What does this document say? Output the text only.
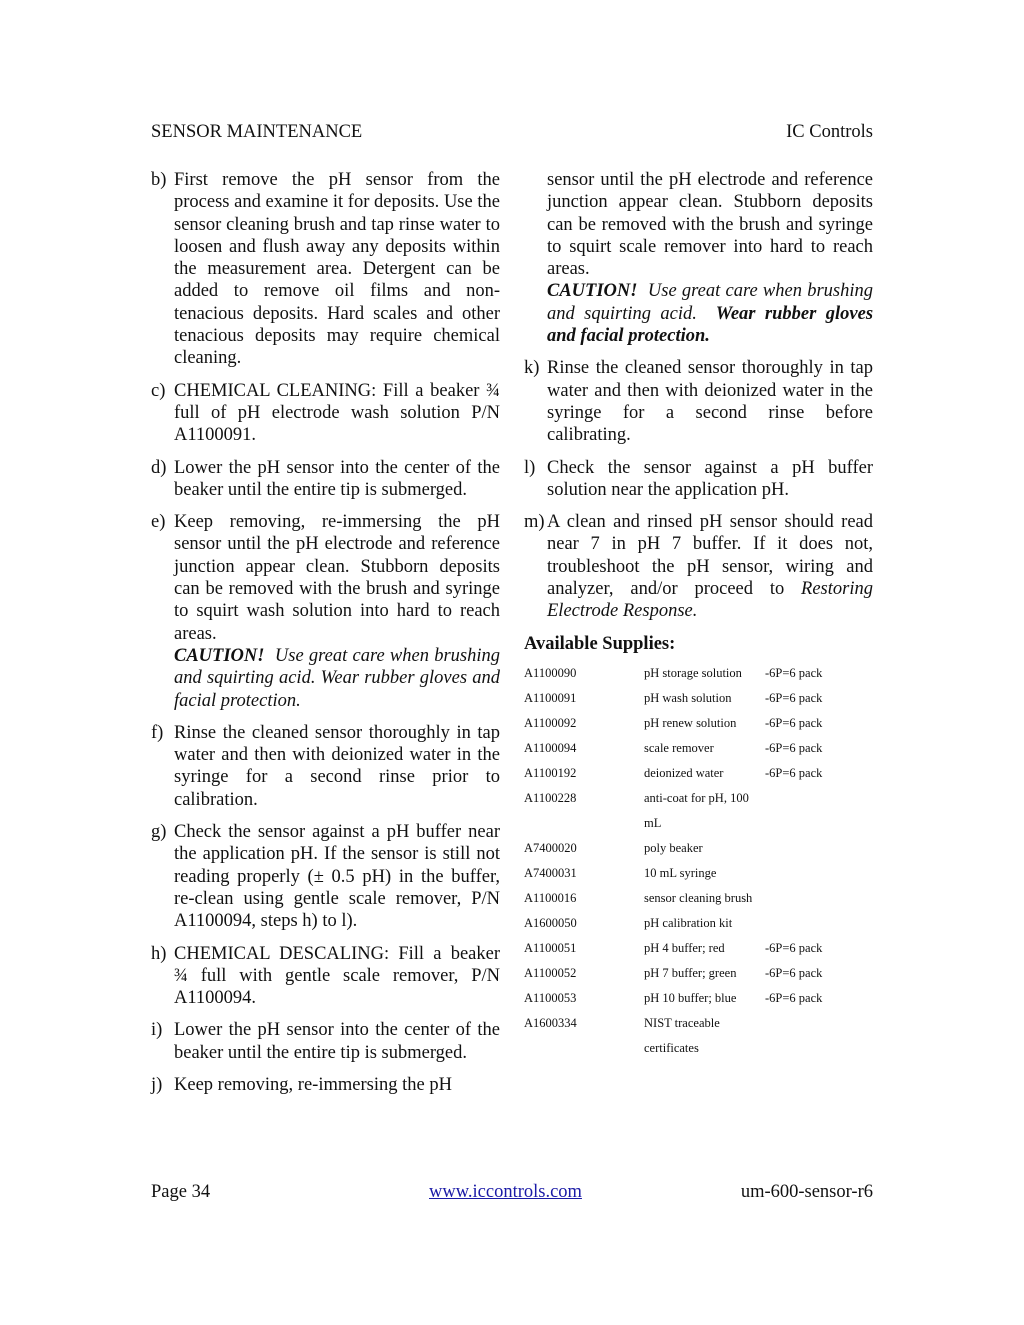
SENSOR MAINTENANCE	IC Controls
b) First remove the pH sensor from the process and examine it for deposits. Use the sensor cleaning brush and tap rinse water to loosen and flush away any deposits within the measurement area. Detergent can be added to remove oil films and non-tenacious deposits. Hard scales and other tenacious deposits may require chemical cleaning.
c) CHEMICAL CLEANING: Fill a beaker ¾ full of pH electrode wash solution P/N A1100091.
d) Lower the pH sensor into the center of the beaker until the entire tip is submerged.
e) Keep removing, re-immersing the pH sensor until the pH electrode and reference junction appear clean. Stubborn deposits can be removed with the brush and syringe to squirt wash solution into hard to reach areas.
CAUTION! Use great care when brushing and squirting acid. Wear rubber gloves and facial protection.
f) Rinse the cleaned sensor thoroughly in tap water and then with deionized water in the syringe for a second rinse prior to calibration.
g) Check the sensor against a pH buffer near the application pH. If the sensor is still not reading properly (± 0.5 pH) in the buffer, re-clean using gentle scale remover, P/N A1100094, steps h) to l).
h) CHEMICAL DESCALING: Fill a beaker ¾ full with gentle scale remover, P/N A1100094.
i) Lower the pH sensor into the center of the beaker until the entire tip is submerged.
j) Keep removing, re-immersing the pH
sensor until the pH electrode and reference junction appear clean. Stubborn deposits can be removed with the brush and syringe to squirt scale remover into hard to reach areas.
CAUTION! Use great care when brushing and squirting acid. Wear rubber gloves and facial protection.
k) Rinse the cleaned sensor thoroughly in tap water and then with deionized water in the syringe for a second rinse before calibrating.
l) Check the sensor against a pH buffer solution near the application pH.
m) A clean and rinsed pH sensor should read near 7 in pH 7 buffer. If it does not, troubleshoot the pH sensor, wiring and analyzer, and/or proceed to Restoring Electrode Response.
Available Supplies:
A1100090	pH storage solution	-6P=6 pack
A1100091	pH wash solution	-6P=6 pack
A1100092	pH renew solution	-6P=6 pack
A1100094	scale remover	-6P=6 pack
A1100192	deionized water	-6P=6 pack
A1100228	anti-coat for pH, 100 mL	
A7400020	poly beaker	
A7400031	10 mL syringe	
A1100016	sensor cleaning brush	
A1600050	pH calibration kit	
A1100051	pH 4 buffer; red	-6P=6 pack
A1100052	pH 7 buffer; green	-6P=6 pack
A1100053	pH 10 buffer; blue	-6P=6 pack
A1600334	NIST traceable certificates	
Page 34	www.iccontrols.com	um-600-sensor-r6
